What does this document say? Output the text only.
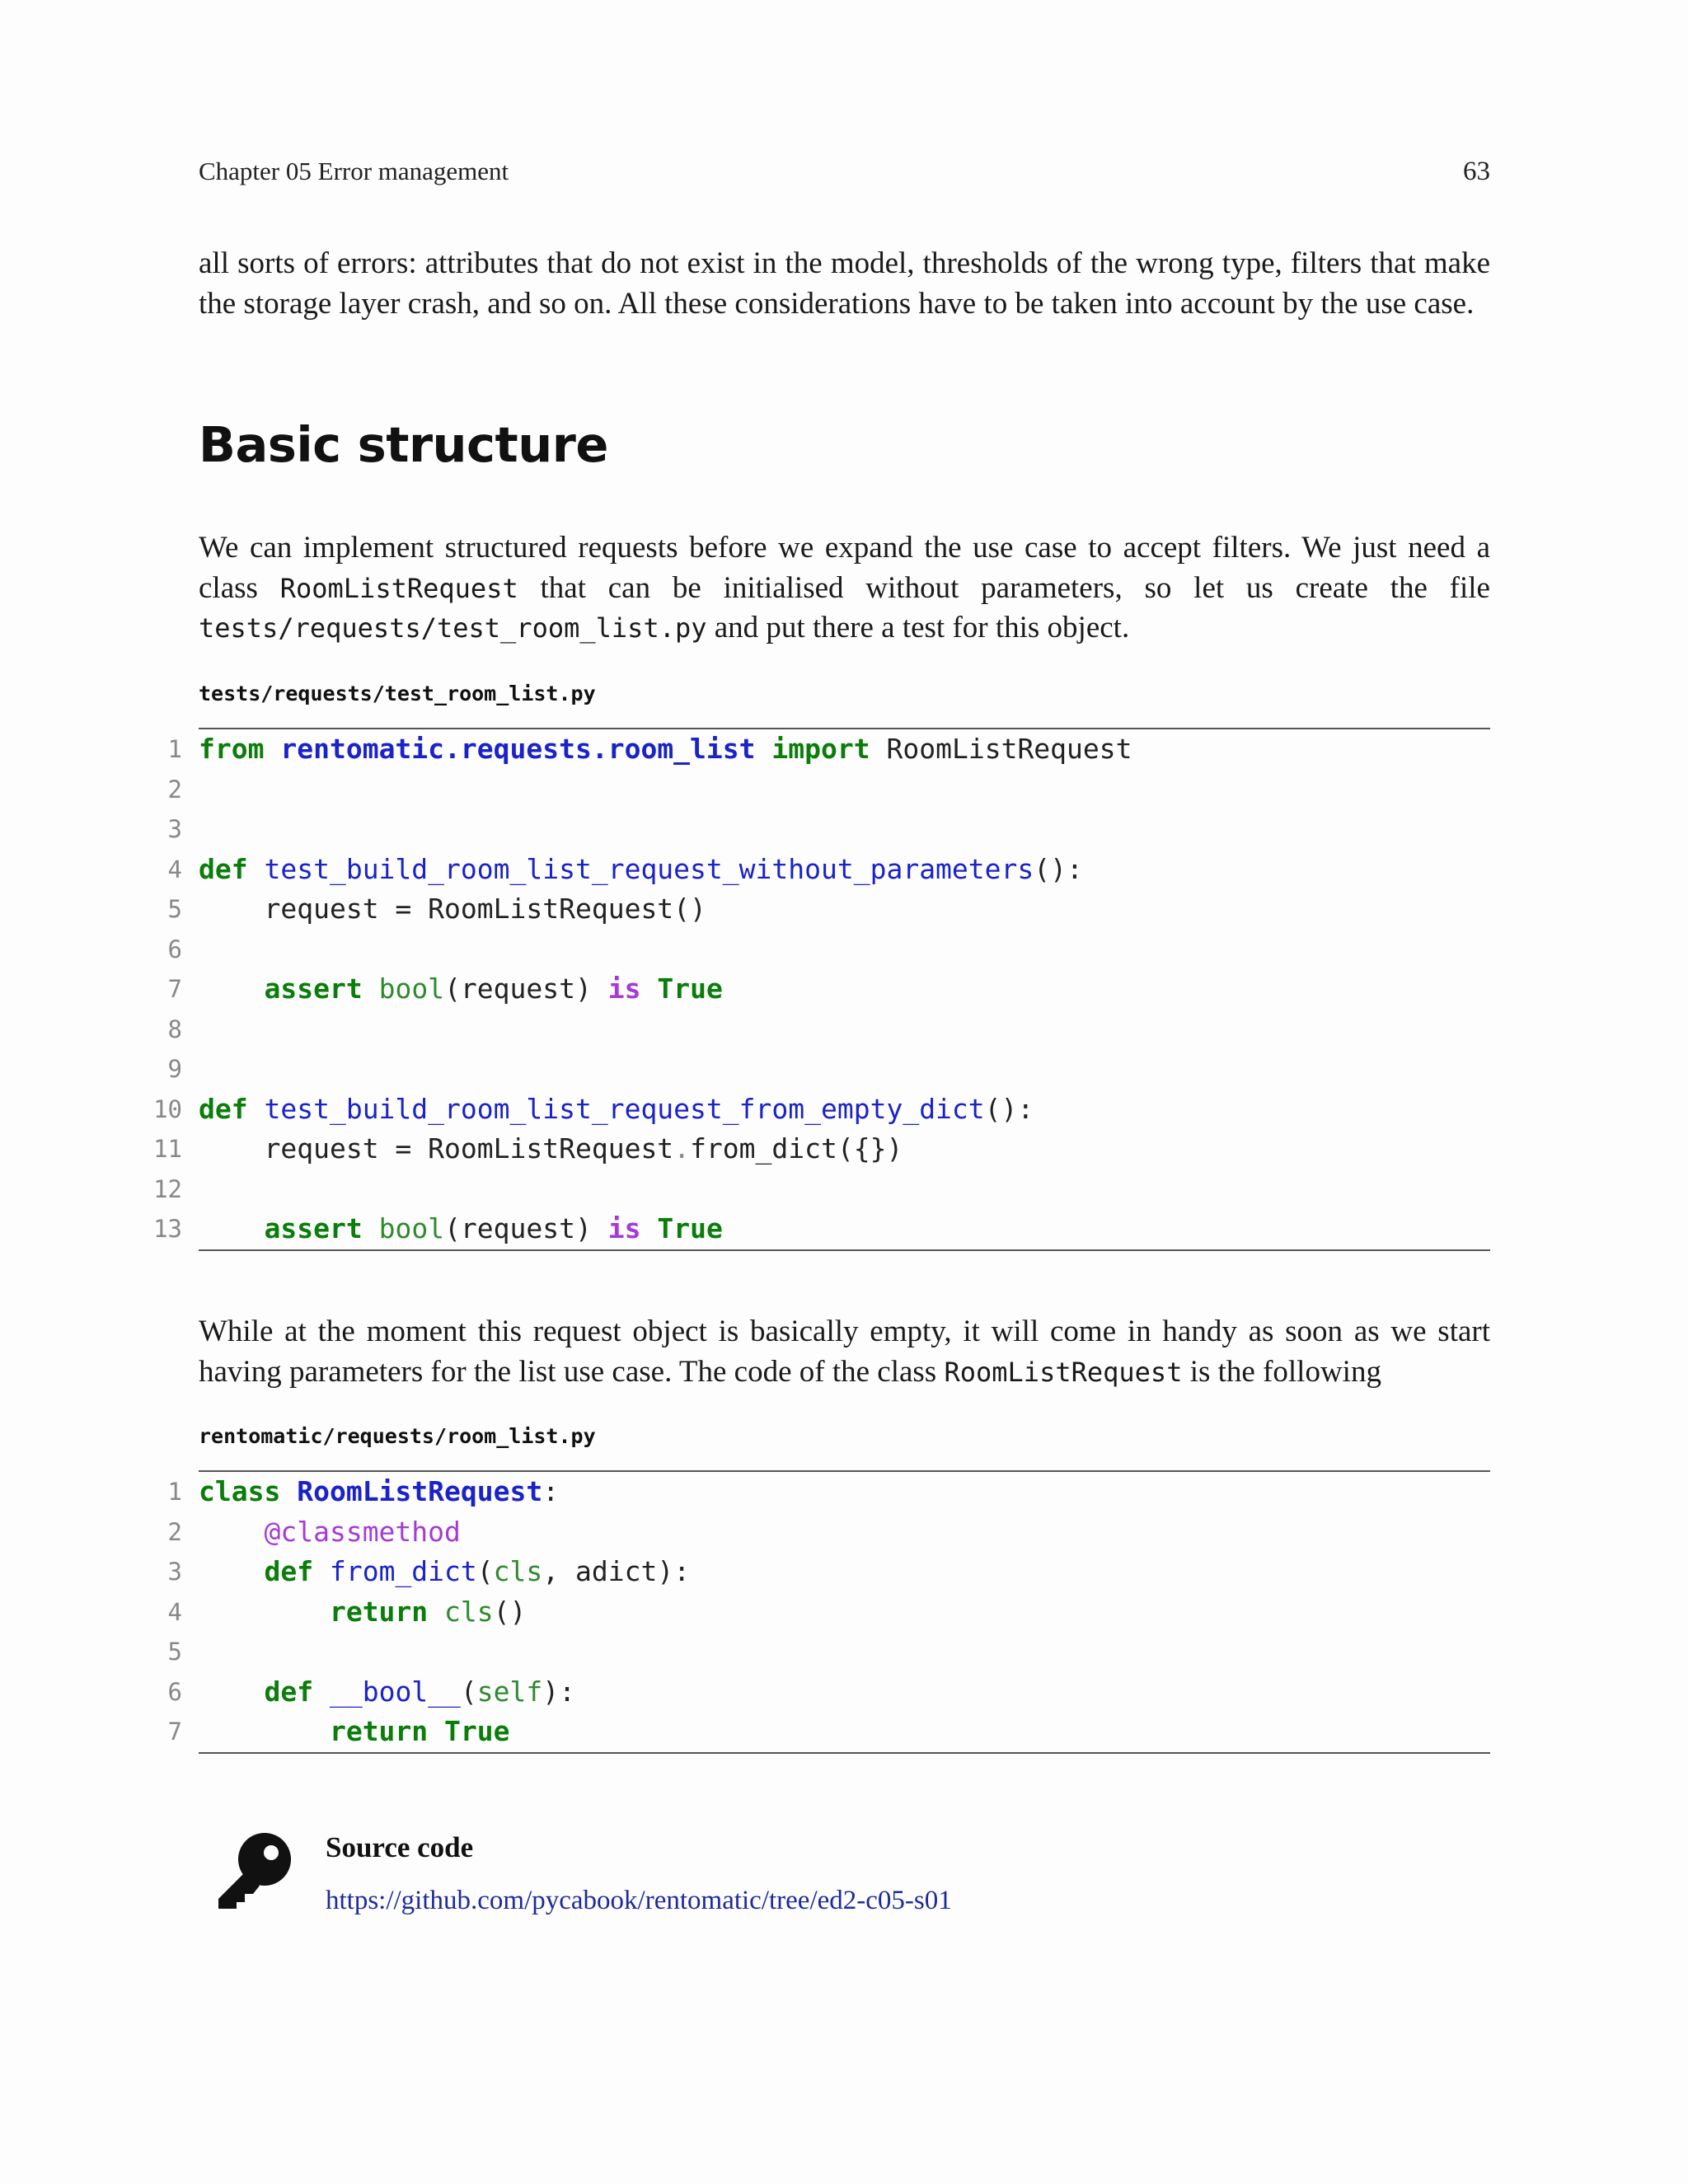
Chapter 05 Error management	63

all sorts of errors: attributes that do not exist in the model, thresholds of the wrong type, filters that make the storage layer crash, and so on. All these considerations have to be taken into account by the use case.

Basic structure

We can implement structured requests before we expand the use case to accept filters. We just need a class RoomListRequest that can be initialised without parameters, so let us create the file tests/requests/test_room_list.py and put there a test for this object.

tests/requests/test_room_list.py
1 from rentomatic.requests.room_list import RoomListRequest
2
3
4 def test_build_room_list_request_without_parameters():
5	request = RoomListRequest()
6
7	assert bool(request) is True
8
9
10 def test_build_room_list_request_from_empty_dict():
11	request = RoomListRequest.from_dict({})
12
13	assert bool(request) is True

While at the moment this request object is basically empty, it will come in handy as soon as we start having parameters for the list use case. The code of the class RoomListRequest is the following

rentomatic/requests/room_list.py
1 class RoomListRequest:
2	@classmethod
3	def from_dict(cls, adict):
4	return cls()
5
6	def __bool__(self):
7	return True
Source code
https://github.com/pycabook/rentomatic/tree/ed2-c05-s01
